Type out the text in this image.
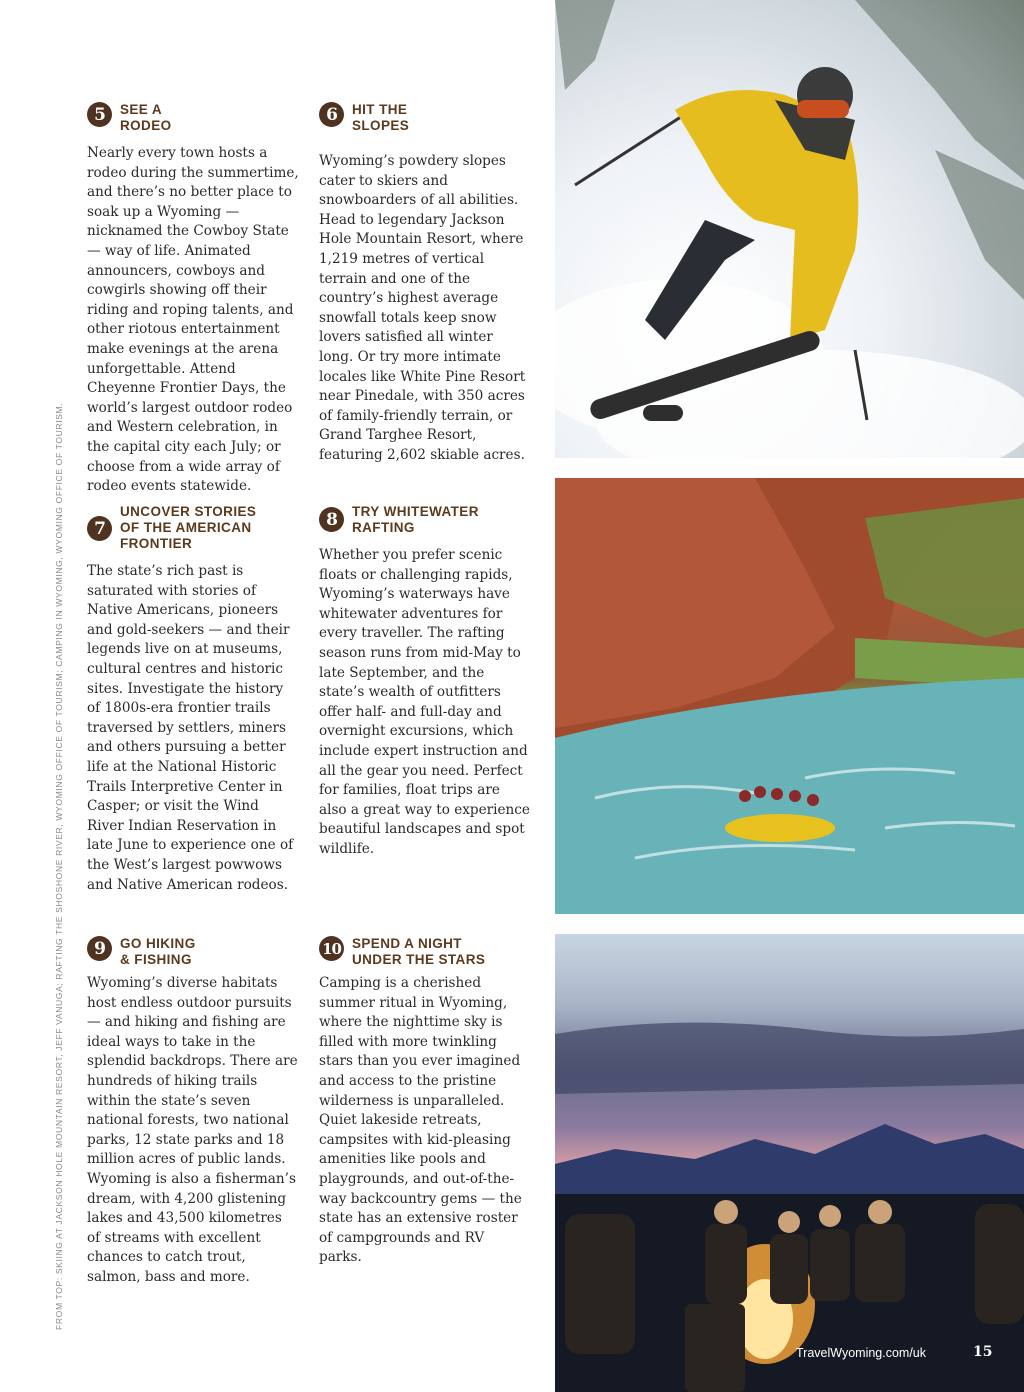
FROM TOP: SKIING AT JACKSON HOLE MOUNTAIN RESORT, JEFF VANUGA; RAFTING THE SHOSHONE RIVER, WYOMING OFFICE OF TOURISM; CAMPING IN WYOMING, WYOMING OFFICE OF TOURISM.
5	SEE A
RODEO
Nearly every town hosts a rodeo during the summertime, and there’s no better place to soak up a Wyoming — nicknamed the Cowboy State — way of life. Animated announcers, cowboys and cowgirls showing off their riding and roping talents, and other riotous entertainment make evenings at the arena unforgettable. Attend Cheyenne Frontier Days, the world’s largest outdoor rodeo and Western celebration, in the capital city each July; or choose from a wide array of rodeo events statewide.
6	HIT THE
SLOPES
Wyoming’s powdery slopes cater to skiers and snowboarders of all abilities. Head to legendary Jackson Hole Mountain Resort, where 1,219 metres of vertical terrain and one of the country’s highest average snowfall totals keep snow lovers satisfied all winter long. Or try more intimate locales like White Pine Resort near Pinedale, with 350 acres of family-friendly terrain, or Grand Targhee Resort, featuring 2,602 skiable acres.
7
UNCOVER STORIES
OF THE AMERICAN
FRONTIER
The state’s rich past is saturated with stories of Native Americans, pioneers and gold-seekers — and their legends live on at museums, cultural centres and historic sites. Investigate the history of 1800s-era frontier trails traversed by settlers, miners and others pursuing a better life at the National Historic Trails Interpretive Center in Casper; or visit the Wind River Indian Reservation in late June to experience one of the West’s largest powwows and Native American rodeos.
8	TRY WHITEWATER
RAFTING
Whether you prefer scenic floats or challenging rapids, Wyoming’s waterways have whitewater adventures for every traveller. The rafting season runs from mid-May to late September, and the state’s wealth of outfitters offer half- and full-day and overnight excursions, which include expert instruction and all the gear you need. Perfect for families, float trips are also a great way to experience beautiful landscapes and spot wildlife.
9	GO HIKING
& FISHING
Wyoming’s diverse habitats host endless outdoor pursuits — and hiking and fishing are ideal ways to take in the splendid backdrops. There are hundreds of hiking trails within the state’s seven national forests, two national parks, 12 state parks and 18 million acres of public lands. Wyoming is also a fisherman’s dream, with 4,200 glistening lakes and 43,500 kilometres of streams with excellent chances to catch trout, salmon, bass and more.
10 SPEND A NIGHT
UNDER THE STARS
Camping is a cherished summer ritual in Wyoming, where the nighttime sky is filled with more twinkling stars than you ever imagined and access to the pristine wilderness is unparalleled. Quiet lakeside retreats, campsites with kid-pleasing amenities like pools and playgrounds, and out-of-the-way backcountry gems — the state has an extensive roster of campgrounds and RV parks.
TravelWyoming.com/uk	15
